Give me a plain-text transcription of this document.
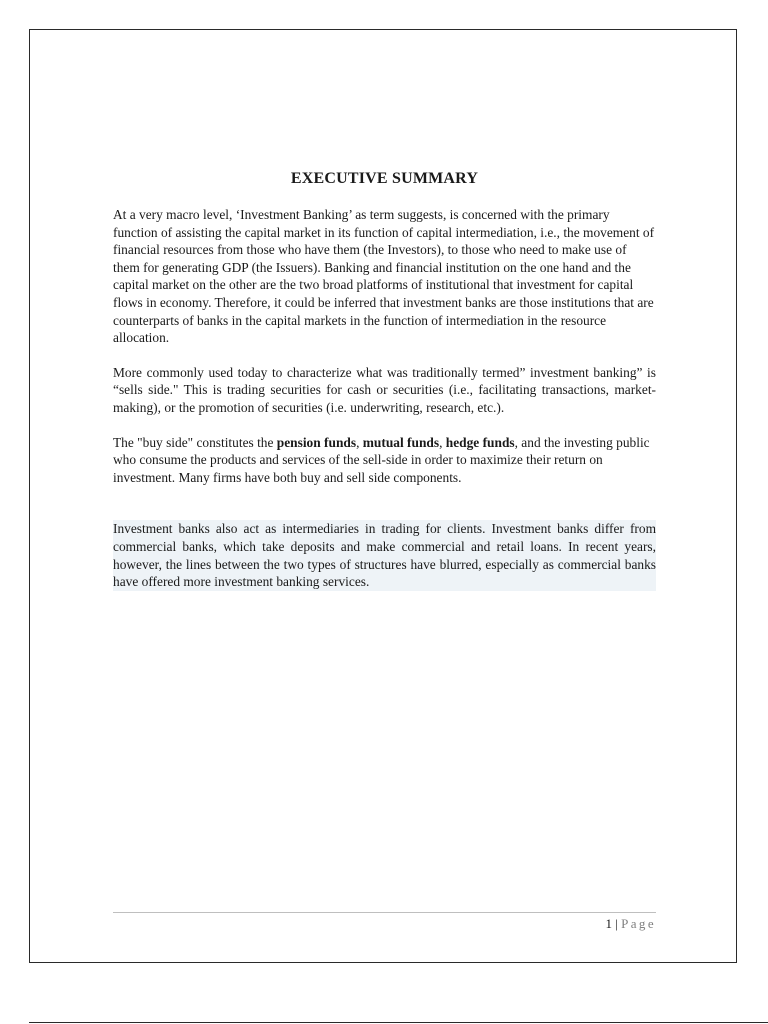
EXECUTIVE SUMMARY

At a very macro level, ‘Investment Banking’ as term suggests, is concerned with the primary function of assisting the capital market in its function of capital intermediation, i.e., the movement of financial resources from those who have them (the Investors), to those who need to make use of them for generating GDP (the Issuers). Banking and financial institution on the one hand and the capital market on the other are the two broad platforms of institutional that investment for capital flows in economy. Therefore, it could be inferred that investment banks are those institutions that are counterparts of banks in the capital markets in the function of intermediation in the resource allocation.

More commonly used today to characterize what was traditionally termed” investment banking” is “sells side." This is trading securities for cash or securities (i.e., facilitating transactions, market-making), or the promotion of securities (i.e. underwriting, research, etc.).

The "buy side" constitutes the pension funds, mutual funds, hedge funds, and the investing public who consume the products and services of the sell-side in order to maximize their return on investment. Many firms have both buy and sell side components.

Investment banks also act as intermediaries in trading for clients. Investment banks differ from commercial banks, which take deposits and make commercial and retail loans. In recent years, however, the lines between the two types of structures have blurred, especially as commercial banks have offered more investment banking services.

1 | Page
